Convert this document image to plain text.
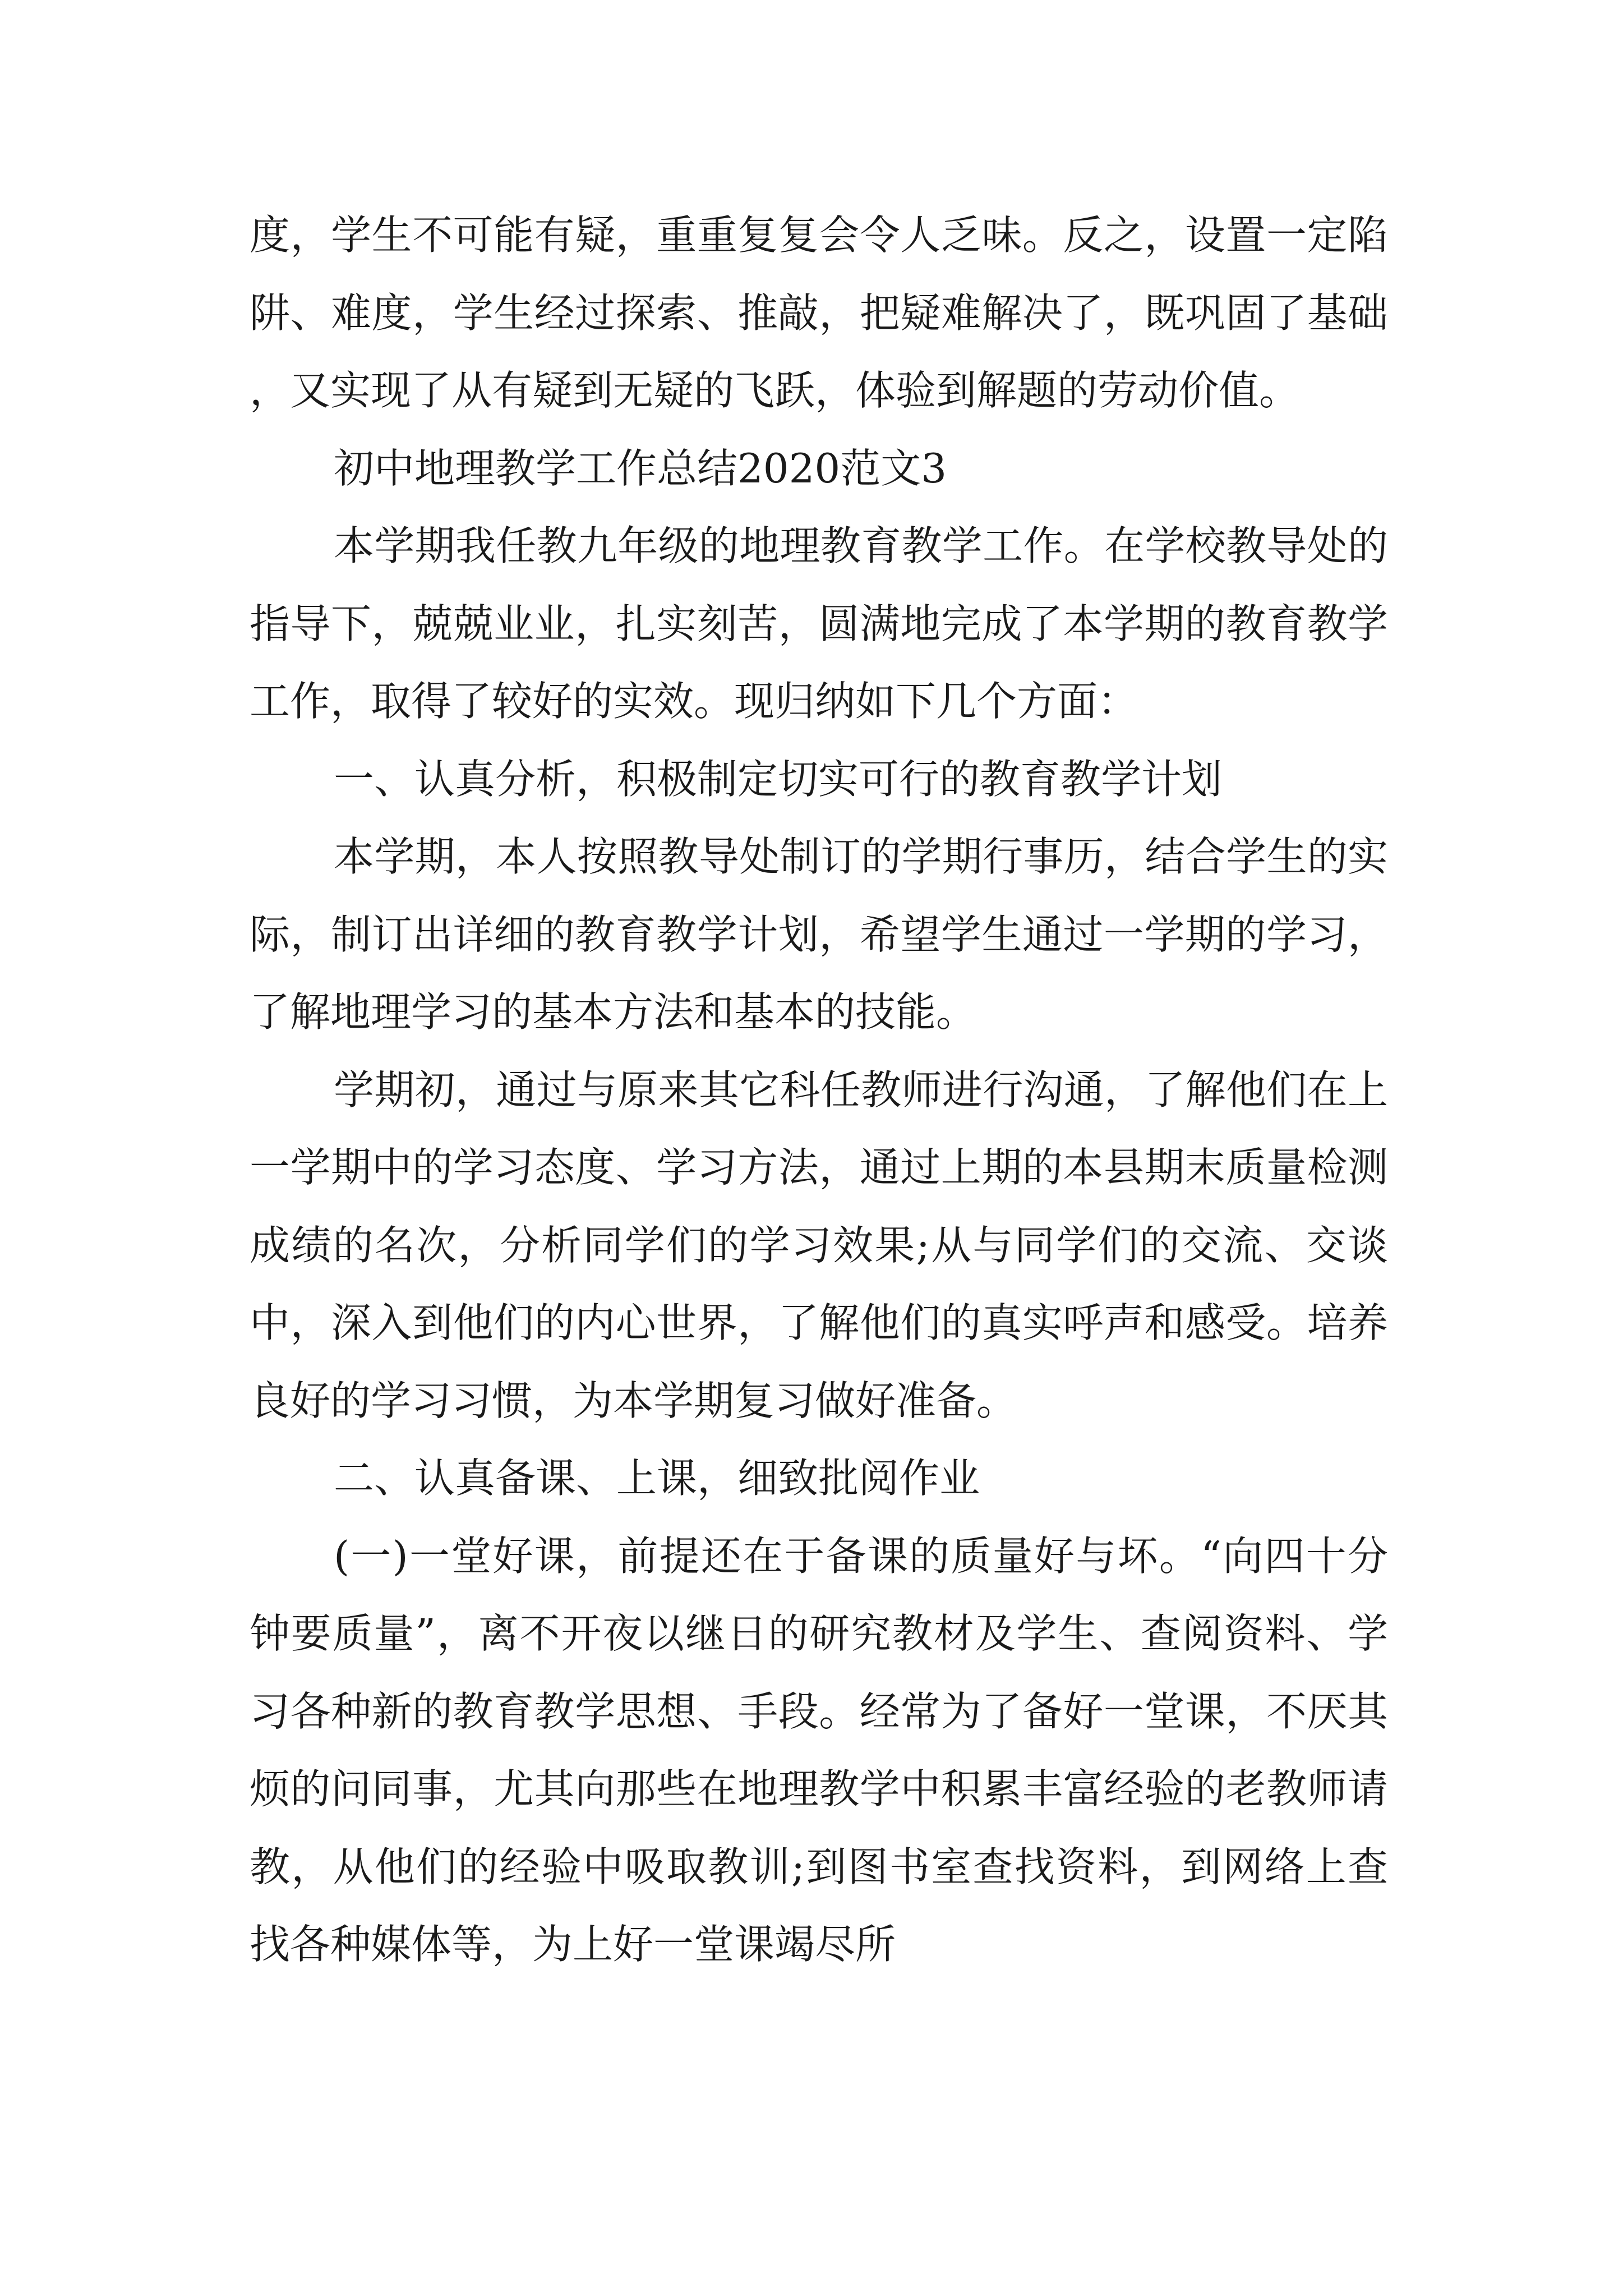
度，学生不可能有疑，重重复复会令人乏味。反之，设置一定陷阱、难度，学生经过探索、推敲，把疑难解决了，既巩固了基础，又实现了从有疑到无疑的飞跃，体验到解题的劳动价值。

初中地理教学工作总结2020范文3

本学期我任教九年级的地理教育教学工作。在学校教导处的指导下，兢兢业业，扎实刻苦，圆满地完成了本学期的教育教学工作，取得了较好的实效。现归纳如下几个方面：

一、认真分析，积极制定切实可行的教育教学计划

本学期，本人按照教导处制订的学期行事历，结合学生的实际，制订出详细的教育教学计划，希望学生通过一学期的学习，了解地理学习的基本方法和基本的技能。

学期初，通过与原来其它科任教师进行沟通，了解他们在上一学期中的学习态度、学习方法，通过上期的本县期末质量检测成绩的名次，分析同学们的学习效果;从与同学们的交流、交谈中，深入到他们的内心世界，了解他们的真实呼声和感受。培养良好的学习习惯，为本学期复习做好准备。

二、认真备课、上课，细致批阅作业

(一)一堂好课，前提还在于备课的质量好与坏。“向四十分钟要质量”，离不开夜以继日的研究教材及学生、查阅资料、学习各种新的教育教学思想、手段。经常为了备好一堂课，不厌其烦的问同事，尤其向那些在地理教学中积累丰富经验的老教师请教，从他们的经验中吸取教训;到图书室查找资料，到网络上查找各种媒体等，为上好一堂课竭尽所
